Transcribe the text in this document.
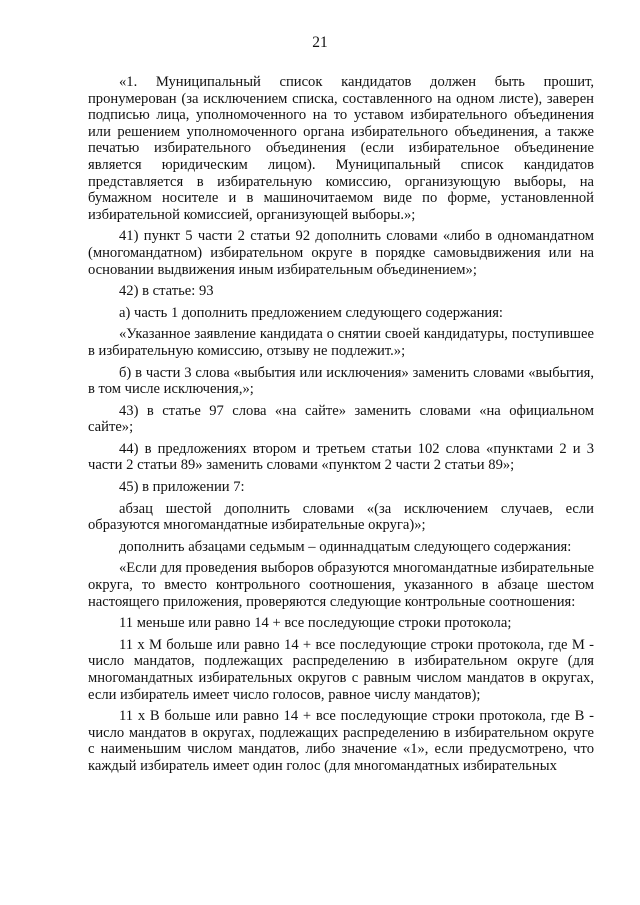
21

«1. Муниципальный список кандидатов должен быть прошит, пронумерован (за исключением списка, составленного на одном листе), заверен подписью лица, уполномоченного на то уставом избирательного объединения или решением уполномоченного органа избирательного объединения, а также печатью избирательного объединения (если избирательное объединение является юридическим лицом). Муниципальный список кандидатов представляется в избирательную комиссию, организующую выборы, на бумажном носителе и в машиночитаемом виде по форме, установленной избирательной комиссией, организующей выборы.»;

41) пункт 5 части 2 статьи 92 дополнить словами «либо в одномандатном (многомандатном) избирательном округе в порядке самовыдвижения или на основании выдвижения иным избирательным объединением»;

42) в статье: 93

а) часть 1 дополнить предложением следующего содержания:

«Указанное заявление кандидата о снятии своей кандидатуры, поступившее в избирательную комиссию, отзыву не подлежит.»;

б) в части 3 слова «выбытия или исключения» заменить словами «выбытия, в том числе исключения,»;

43) в статье 97 слова «на сайте» заменить словами «на официальном сайте»;

44) в предложениях втором и третьем статьи 102 слова «пунктами 2 и 3 части 2 статьи 89» заменить словами «пунктом 2 части 2 статьи 89»;

45) в приложении 7:

абзац шестой дополнить словами «(за исключением случаев, если образуются многомандатные избирательные округа)»;

дополнить абзацами седьмым – одиннадцатым следующего содержания:

«Если для проведения выборов образуются многомандатные избирательные округа, то вместо контрольного соотношения, указанного в абзаце шестом настоящего приложения, проверяются следующие контрольные соотношения:

11 меньше или равно 14 + все последующие строки протокола;

11 x M больше или равно 14 + все последующие строки протокола, где M - число мандатов, подлежащих распределению в избирательном округе (для многомандатных избирательных округов с равным числом мандатов в округах, если избиратель имеет число голосов, равное числу мандатов);

11 x B больше или равно 14 + все последующие строки протокола, где B - число мандатов в округах, подлежащих распределению в избирательном округе с наименьшим числом мандатов, либо значение «1», если предусмотрено, что каждый избиратель имеет один голос (для многомандатных избирательных
